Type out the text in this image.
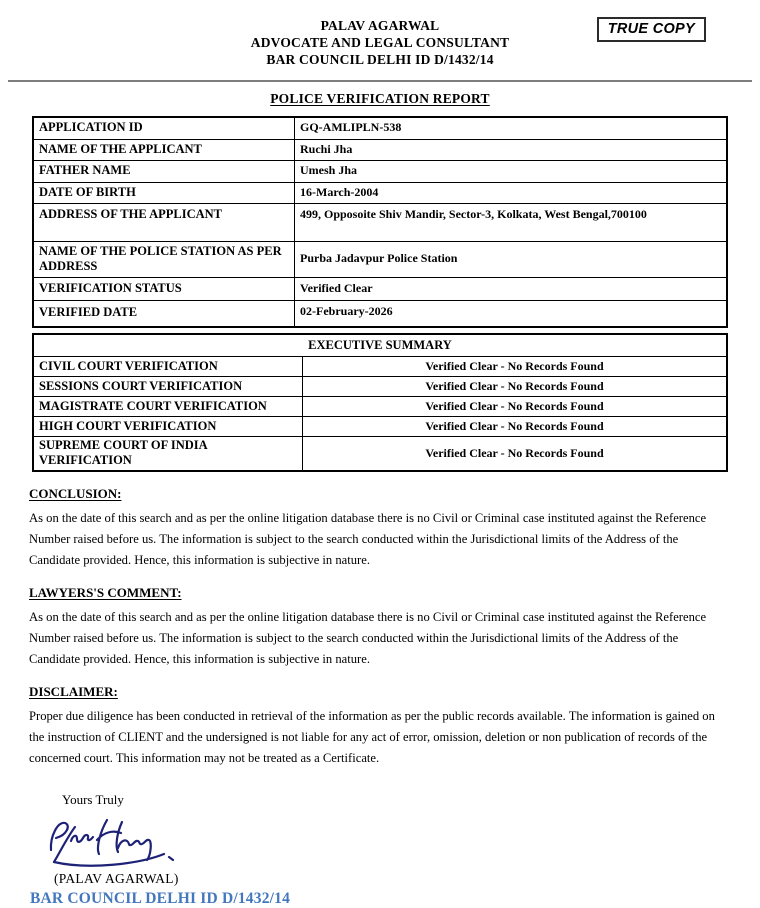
TRUE COPY
PALAV AGARWAL
ADVOCATE AND LEGAL CONSULTANT
BAR COUNCIL DELHI ID D/1432/14
POLICE VERIFICATION REPORT
APPLICATION ID	GQ-AMLIPLN-538
NAME OF THE APPLICANT	Ruchi Jha
FATHER NAME	Umesh Jha
DATE OF BIRTH	16-March-2004
ADDRESS OF THE APPLICANT	499, Opposoite Shiv Mandir, Sector-3, Kolkata, West Bengal,700100
NAME OF THE POLICE STATION AS PER ADDRESS	Purba Jadavpur Police Station
VERIFICATION STATUS	Verified Clear
VERIFIED DATE	02-February-2026
EXECUTIVE SUMMARY	
CIVIL COURT VERIFICATION	Verified Clear - No Records Found
SESSIONS COURT VERIFICATION	Verified Clear - No Records Found
MAGISTRATE COURT VERIFICATION	Verified Clear - No Records Found
HIGH COURT VERIFICATION	Verified Clear - No Records Found
SUPREME COURT OF INDIA VERIFICATION	Verified Clear - No Records Found
CONCLUSION:
As on the date of this search and as per the online litigation database there is no Civil or Criminal case instituted against the Reference Number raised before us. The information is subject to the search conducted within the Jurisdictional limits of the Address of the Candidate provided. Hence, this information is subjective in nature.
LAWYERS'S COMMENT:
As on the date of this search and as per the online litigation database there is no Civil or Criminal case instituted against the Reference Number raised before us. The information is subject to the search conducted within the Jurisdictional limits of the Address of the Candidate provided. Hence, this information is subjective in nature.
DISCLAIMER:
Proper due diligence has been conducted in retrieval of the information as per the public records available. The information is gained on the instruction of CLIENT and the undersigned is not liable for any act of error, omission, deletion or non publication of records of the concerned court. This information may not be treated as a Certificate.
Yours Truly
(PALAV AGARWAL)
BAR COUNCIL DELHI ID D/1432/14
